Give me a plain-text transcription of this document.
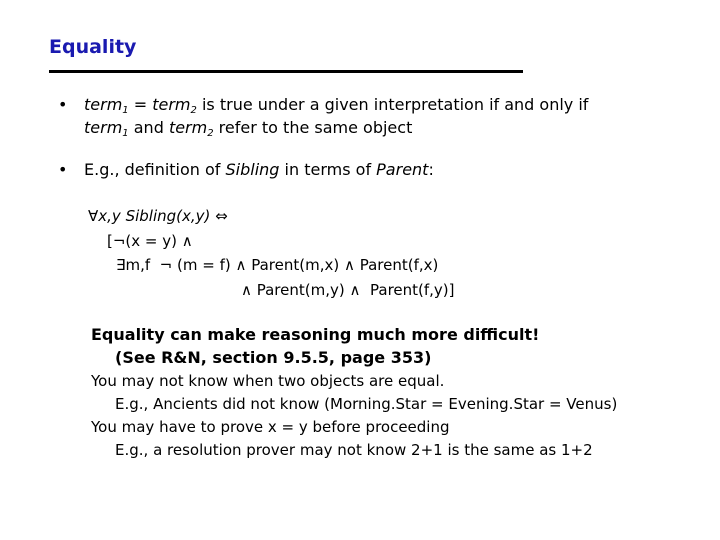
Equality
• term$_1$ = term$_2$ is true under a given interpretation if and only if
term$_1$ and term$_2$ refer to the same object
• E.g., definition of Sibling in terms of Parent:
∀x,y Sibling(x,y) ⇔
[¬(x = y) ∧
∃m,f  ¬ (m = f) ∧ Parent(m,x) ∧ Parent(f,x)
∧ Parent(m,y) ∧  Parent(f,y)]
Equality can make reasoning much more difficult!
(See R&N, section 9.5.5, page 353)
You may not know when two objects are equal.
E.g., Ancients did not know (Morning.Star = Evening.Star = Venus)
You may have to prove x = y before proceeding
E.g., a resolution prover may not know 2+1 is the same as 1+2
